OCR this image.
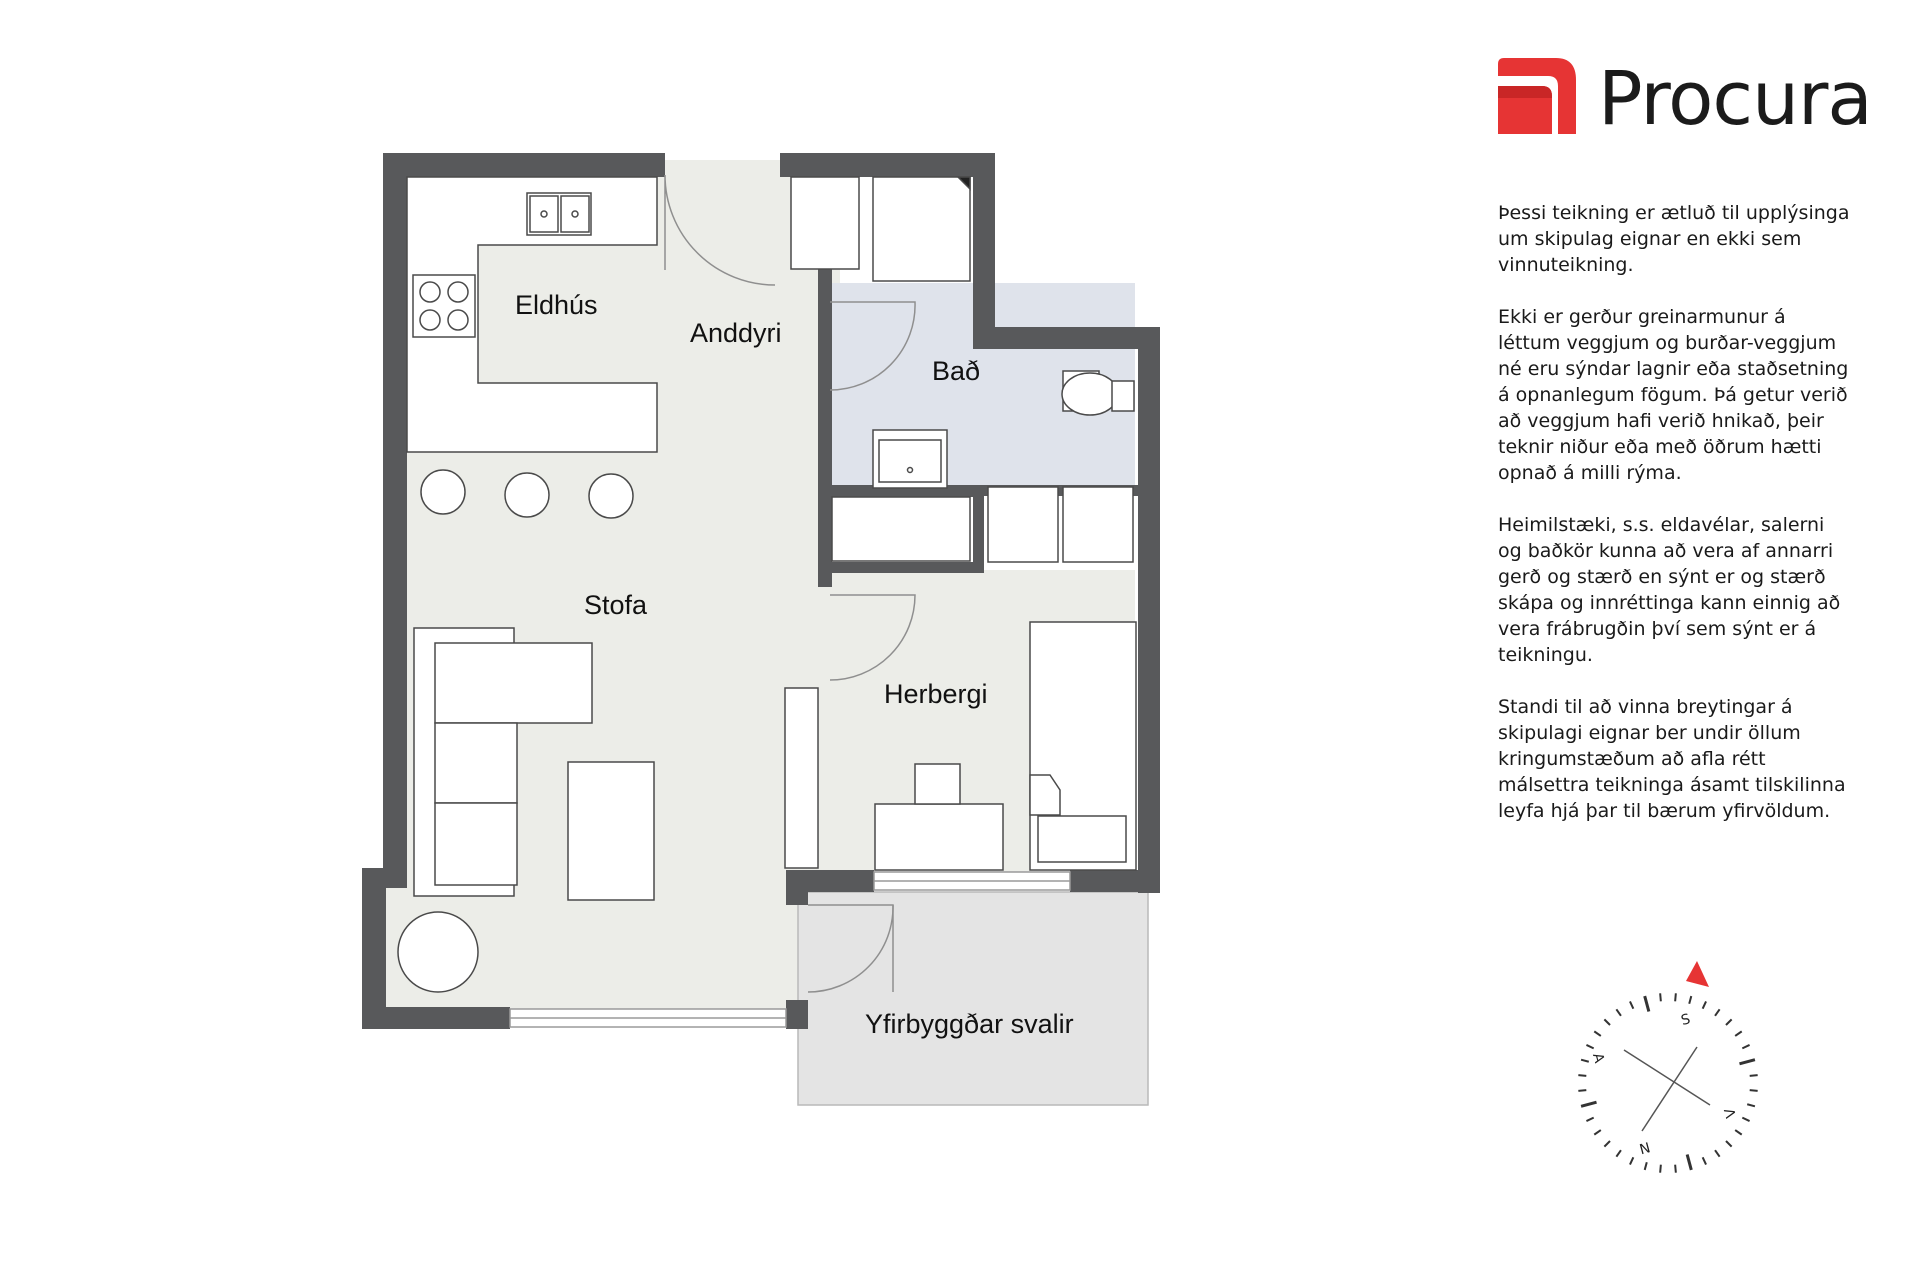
Eldhús
Anddyri
Bað
Stofa
Herbergi
Yfirbyggðar svalir
Procura

Þessi teikning er ætluð til upplýsinga um skipulag eignar en ekki sem vinnuteikning.

Ekki er gerður greinarmunur á léttum veggjum og burðar-veggjum né eru sýndar lagnir eða staðsetning á opnanlegum fögum. Þá getur verið að veggjum hafi verið hnikað, þeir teknir niður eða með öðrum hætti opnað á milli rýma.

Heimilstæki, s.s. eldavélar, salerni og baðkör kunna að vera af annarri gerð og stærð en sýnt er og stærð skápa og innréttinga kann einnig að vera frábrugðin því sem sýnt er á teikningu.

Standi til að vinna breytingar á skipulagi eignar ber undir öllum kringumstæðum að afla rétt málsettra teikninga ásamt tilskilinna leyfa hjá þar til bærum yfirvöldum.

S
N
A
V
